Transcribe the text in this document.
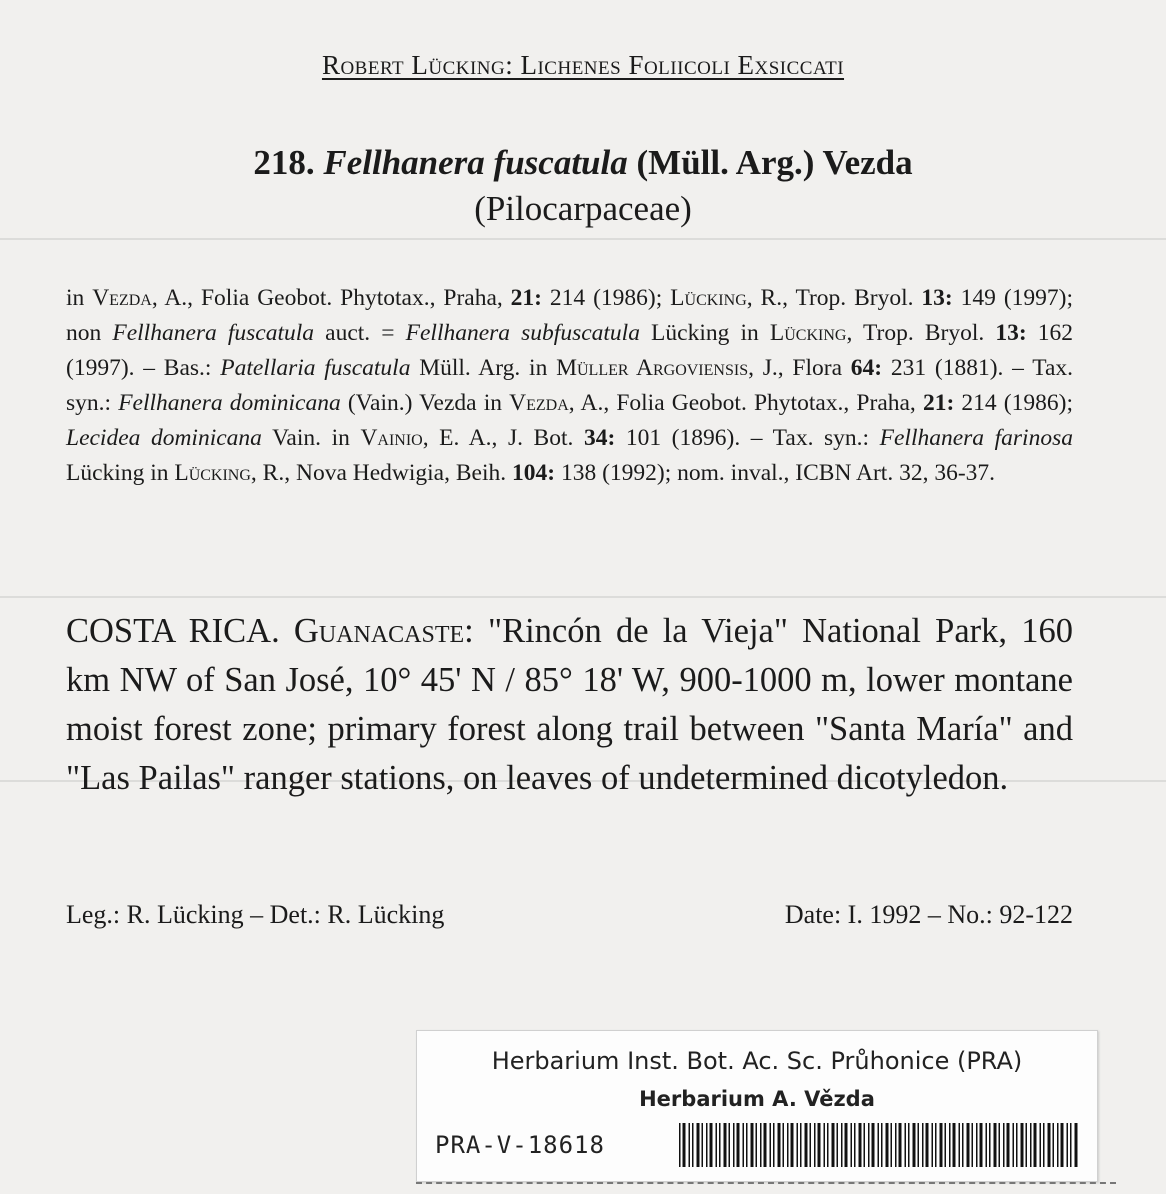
Robert Lücking: Lichenes Foliicoli Exsiccati
218. Fellhanera fuscatula (Müll. Arg.) Vezda
(Pilocarpaceae)

in Vezda, A., Folia Geobot. Phytotax., Praha, 21: 214 (1986); Lücking, R., Trop. Bryol. 13: 149 (1997); non Fellhanera fuscatula auct. = Fellhanera subfuscatula Lücking in Lücking, Trop. Bryol. 13: 162 (1997). – Bas.: Patellaria fuscatula Müll. Arg. in Müller Argoviensis, J., Flora 64: 231 (1881). – Tax. syn.: Fellhanera dominicana (Vain.) Vezda in Vezda, A., Folia Geobot. Phytotax., Praha, 21: 214 (1986); Lecidea dominicana Vain. in Vainio, E. A., J. Bot. 34: 101 (1896). – Tax. syn.: Fellhanera farinosa Lücking in Lücking, R., Nova Hedwigia, Beih. 104: 138 (1992); nom. inval., ICBN Art. 32, 36-37.

COSTA RICA. Guanacaste: "Rincón de la Vieja" National Park, 160 km NW of San José, 10° 45' N / 85° 18' W, 900-1000 m, lower montane moist forest zone; primary forest along trail between "Santa María" and "Las Pailas" ranger stations, on leaves of undetermined dicotyledon.

Leg.: R. Lücking – Det.: R. Lücking	Date: I. 1992 – No.: 92-122
Herbarium Inst. Bot. Ac. Sc. Průhonice (PRA)
Herbarium A. Vězda
PRA-V-18618
